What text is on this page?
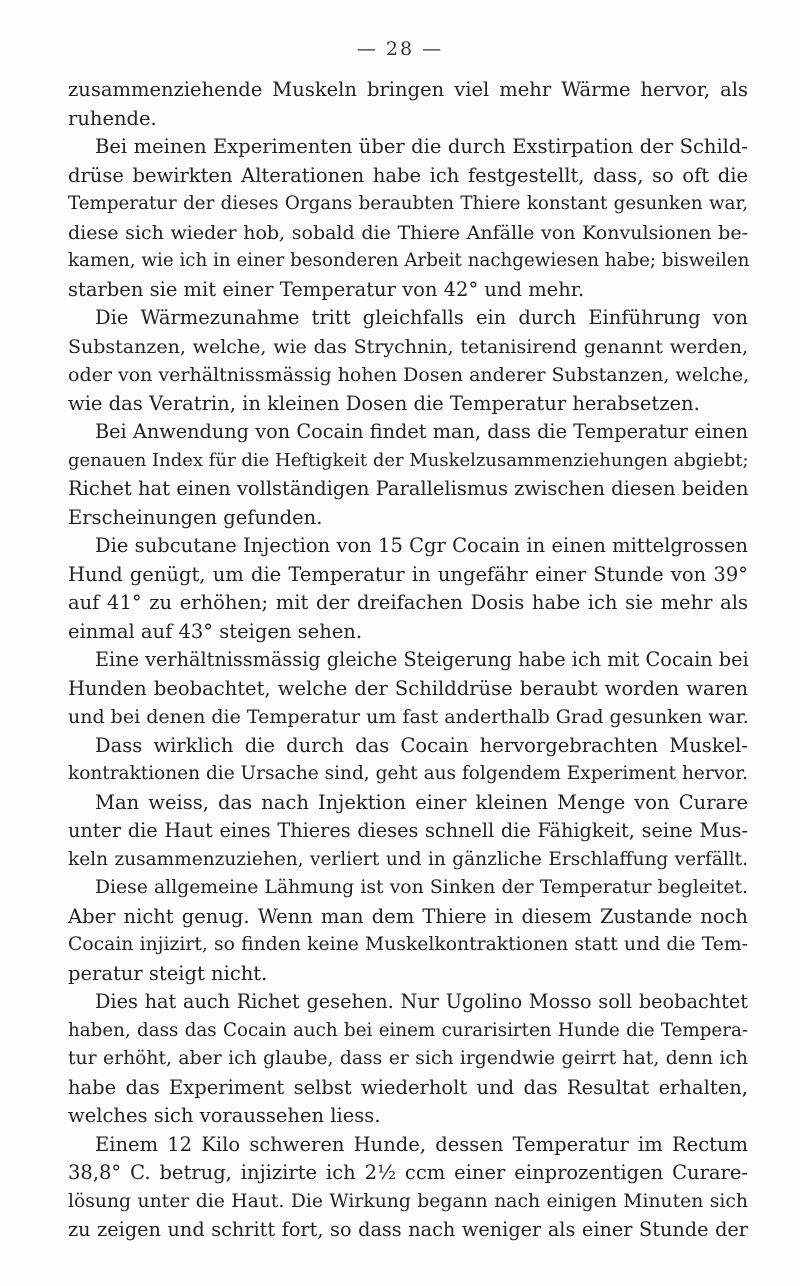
— 28 —
zusammenziehende Muskeln bringen viel mehr Wärme hervor, als
ruhende.
Bei meinen Experimenten über die durch Exstirpation der Schild-
drüse bewirkten Alterationen habe ich festgestellt, dass, so oft die
Temperatur der dieses Organs beraubten Thiere konstant gesunken war,
diese sich wieder hob, sobald die Thiere Anfälle von Konvulsionen be-
kamen, wie ich in einer besonderen Arbeit nachgewiesen habe; bisweilen
starben sie mit einer Temperatur von 42° und mehr.
Die Wärmezunahme tritt gleichfalls ein durch Einführung von
Substanzen, welche, wie das Strychnin, tetanisirend genannt werden,
oder von verhältnissmässig hohen Dosen anderer Substanzen, welche,
wie das Veratrin, in kleinen Dosen die Temperatur herabsetzen.
Bei Anwendung von Cocain findet man, dass die Temperatur einen
genauen Index für die Heftigkeit der Muskelzusammenziehungen abgiebt;
Richet hat einen vollständigen Parallelismus zwischen diesen beiden
Erscheinungen gefunden.
Die subcutane Injection von 15 Cgr Cocain in einen mittelgrossen
Hund genügt, um die Temperatur in ungefähr einer Stunde von 39°
auf 41° zu erhöhen; mit der dreifachen Dosis habe ich sie mehr als
einmal auf 43° steigen sehen.
Eine verhältnissmässig gleiche Steigerung habe ich mit Cocain bei
Hunden beobachtet, welche der Schilddrüse beraubt worden waren
und bei denen die Temperatur um fast anderthalb Grad gesunken war.
Dass wirklich die durch das Cocain hervorgebrachten Muskel-
kontraktionen die Ursache sind, geht aus folgendem Experiment hervor.
Man weiss, das nach Injektion einer kleinen Menge von Curare
unter die Haut eines Thieres dieses schnell die Fähigkeit, seine Mus-
keln zusammenzuziehen, verliert und in gänzliche Erschlaffung verfällt.
Diese allgemeine Lähmung ist von Sinken der Temperatur begleitet.
Aber nicht genug. Wenn man dem Thiere in diesem Zustande noch
Cocain injizirt, so finden keine Muskelkontraktionen statt und die Tem-
peratur steigt nicht.
Dies hat auch Richet gesehen. Nur Ugolino Mosso soll beobachtet
haben, dass das Cocain auch bei einem curarisirten Hunde die Tempera-
tur erhöht, aber ich glaube, dass er sich irgendwie geirrt hat, denn ich
habe das Experiment selbst wiederholt und das Resultat erhalten,
welches sich voraussehen liess.
Einem 12 Kilo schweren Hunde, dessen Temperatur im Rectum
38,8° C. betrug, injizirte ich 2½ ccm einer einprozentigen Curare-
lösung unter die Haut. Die Wirkung begann nach einigen Minuten sich
zu zeigen und schritt fort, so dass nach weniger als einer Stunde der
